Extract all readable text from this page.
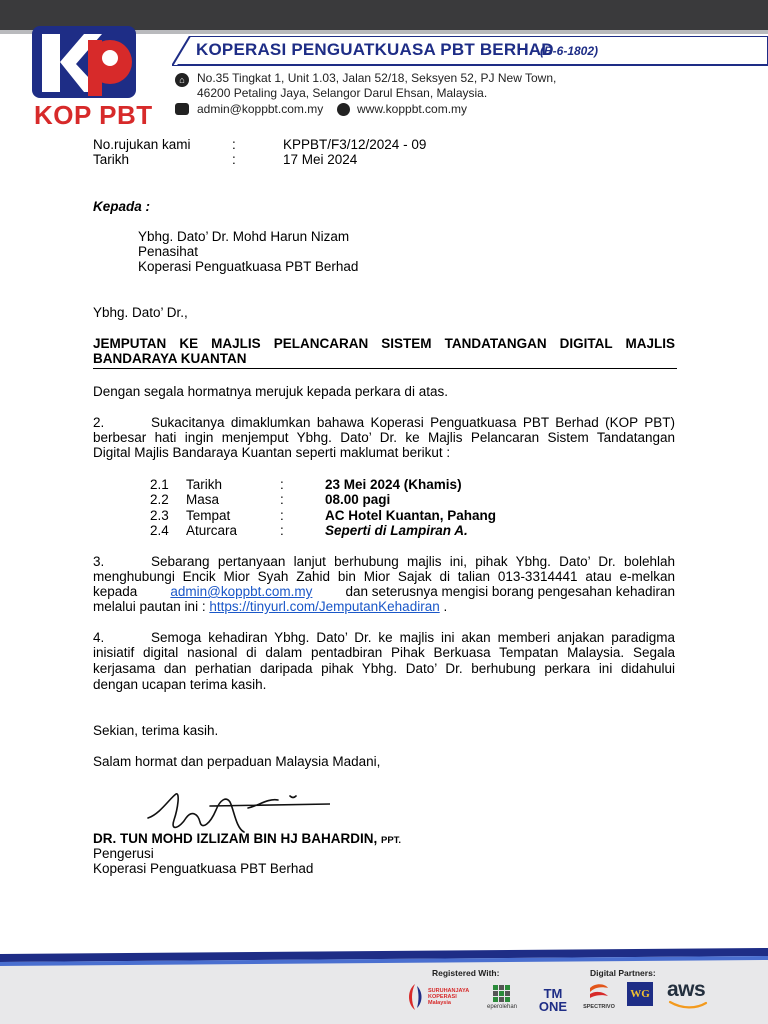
KOP PBT
KOPERASI PENGUATKUASA PBT BERHAD
(B-6-1802)
⌂	No.35 Tingkat 1, Unit 1.03, Jalan 52/18, Seksyen 52, PJ New Town,
46200 Petaling Jaya, Selangor Darul Ehsan, Malaysia.
admin@koppbt.com.my	www.koppbt.com.my
No.rujukan kami	:	KPPBT/F3/12/2024 - 09
Tarikh	:	17 Mei 2024
Kepada :
Ybhg. Dato’ Dr. Mohd Harun Nizam
Penasihat
Koperasi Penguatkuasa PBT Berhad
Ybhg. Dato’ Dr.,
JEMPUTAN KE MAJLIS PELANCARAN SISTEM TANDATANGAN DIGITAL MAJLIS
BANDARAYA KUANTAN
Dengan segala hormatnya merujuk kepada perkara di atas.
2.	Sukacitanya dimaklumkan bahawa Koperasi Penguatkuasa PBT Berhad (KOP PBT)
berbesar hati ingin menjemput Ybhg. Dato’ Dr. ke Majlis Pelancaran Sistem Tandatangan
Digital Majlis Bandaraya Kuantan seperti maklumat berikut :
2.1 Tarikh	:	23 Mei 2024 (Khamis)
2.2 Masa	:	08.00 pagi
2.3 Tempat	:	AC Hotel Kuantan, Pahang
2.4 Aturcara	:	Seperti di Lampiran A.
3.	Sebarang pertanyaan lanjut berhubung majlis ini, pihak Ybhg. Dato’ Dr. bolehlah
menghubungi Encik Mior Syah Zahid bin Mior Sajak di talian 013-3314441 atau e-melkan
kepada admin@koppbt.com.my dan seterusnya mengisi borang pengesahan kehadiran
melalui pautan ini : https://tinyurl.com/JemputanKehadiran .
4.	Semoga kehadiran Ybhg. Dato’ Dr. ke majlis ini akan memberi anjakan paradigma
inisiatif digital nasional di dalam pentadbiran Pihak Berkuasa Tempatan Malaysia. Segala
kerjasama dan perhatian daripada pihak Ybhg. Dato’ Dr. berhubung perkara ini didahului
dengan ucapan terima kasih.
Sekian, terima kasih.
Salam hormat dan perpaduan Malaysia Madani,
DR. TUN MOHD IZLIZAM BIN HJ BAHARDIN, PPT.
Pengerusi
Koperasi Penguatkuasa PBT Berhad
Registered With:	Digital Partners:
SURUHANJAYA KOPERASI Malaysia
eperolehan
TM ONE	SPECTRIVO
WG aws
